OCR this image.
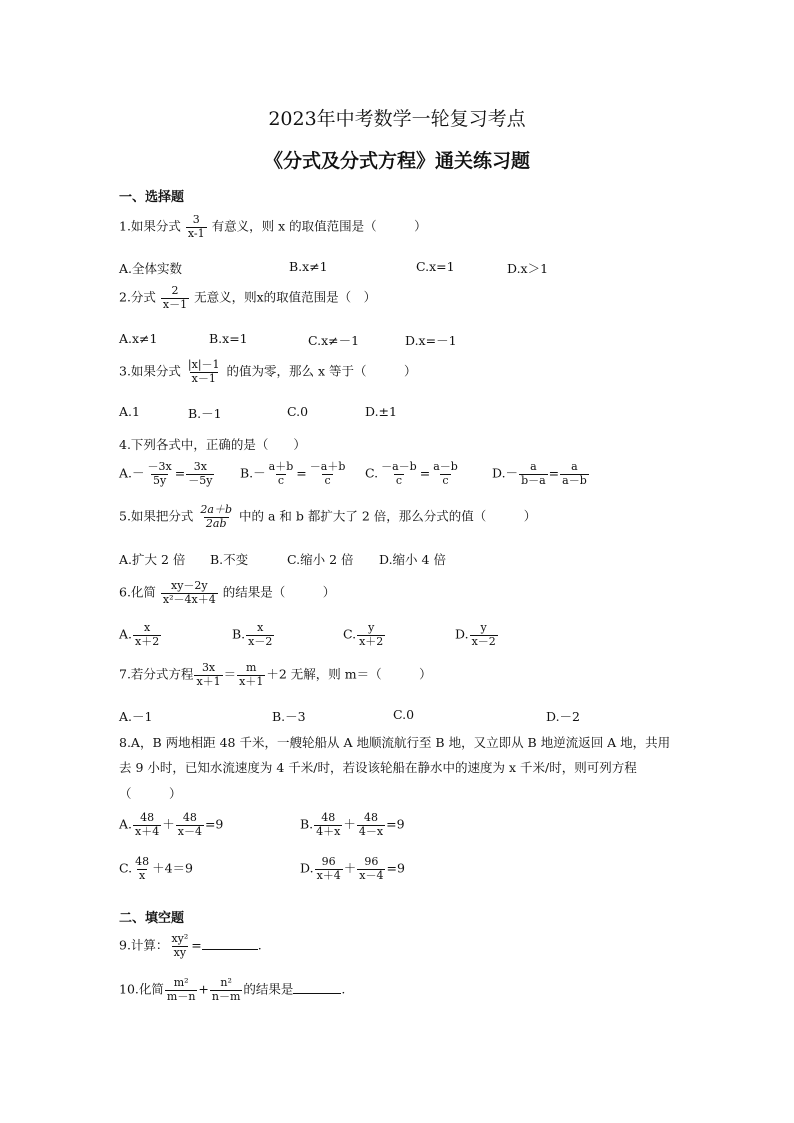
2023年中考数学一轮复习考点
《分式及分式方程》通关练习题
一、选择题
1.如果分式 $\frac{3}{x-1}$ 有意义，则 x 的取值范围是（　　　）
A.全体实数	B.x≠1	C.x=1	D.x＞1
2.分式 $\frac{2}{x-1}$ 无意义，则x的取值范围是（　）
A.x≠1	B.x=1	C.x≠－1	D.x=－1
3.如果分式 $\frac{|x|-1}{x-1}$ 的值为零，那么 x 等于（　　　）
A.1	B.－1	C.0	D.±1
4.下列各式中，正确的是（　　）
$A.- \frac{-3x}{5y} = \frac{3x}{-5y} B.- \frac{a+b}{c} = \frac{-a+b}{c} C$. $\frac{-a-b}{c} = \frac{a-b}{c}$	$D.- \frac{a}{b-a} = \frac{a}{a-b}$
5.如果把分式 $\frac{2a+b}{2ab}$ 中的 a 和 b 都扩大了 2 倍，那么分式的值（　　　）
A.扩大 2 倍 B.不变	C.缩小 2 倍 D.缩小 4 倍
6.化简 $\frac{xy-2y}{\text{x²－4x＋4}}$ 的结果是（　　　）
A. $\frac{x}{x+2}$	B. $\frac{x}{x-2}$	C. $\frac{y}{x+2}$	D. $\frac{y}{x-2}$
7.若分式方程 $\frac{3x}{x+1} = \frac{m}{x+1} +2$ 无解，则 m＝（　　　）
A.－1	B.－3	C.0	D.－2
8.A，B 两地相距 48 千米，一艘轮船从 A 地顺流航行至 B 地，又立即从 B 地逆流返回 A 地，共用
去 9 小时，已知水流速度为 4 千米/时，若设该轮船在静水中的速度为 x 千米/时，则可列方程
（　　　）
A. $\frac{48}{x+4} + \frac{48}{x-4} =9$	B. $\frac{48}{4+x} + \frac{48}{4-x} =9$
C. $\frac{48}{x} +4=9$	D. $\frac{96}{x+4} + \frac{96}{x-4} =9$
二、填空题
9.计算： $\frac{\text{xy²}}{xy}$ =	.
10.化简 $\frac{\text{m²}}{m-n} + \frac{\text{n²}}{n-m}$ 的结果是	.
